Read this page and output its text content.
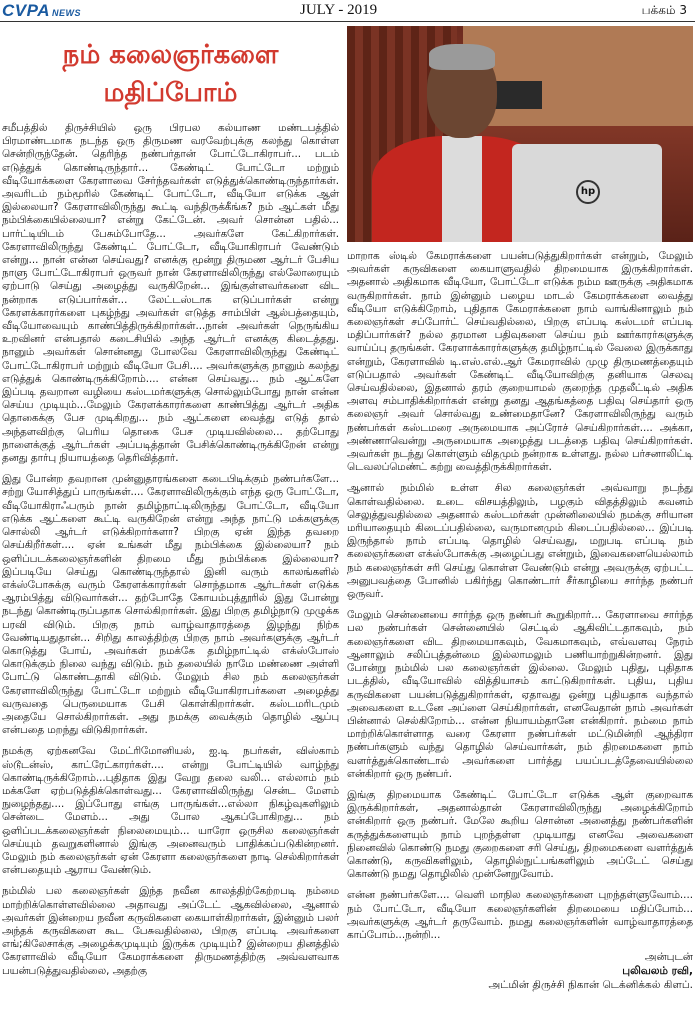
CVPA NEWS	JULY - 2019	பக்கம் 3
நம் கலைஞர்களை
மதிப்போம்

சமீபத்தில் திருச்சியில் ஒரு பிரபல கல்யாண மண்டபத்தில் பிரமாண்டமாக நடந்த ஒரு திருமண வரவேற்புக்கு கலந்து கொள்ள சென்றிருந்தேன். தெரிந்த நண்பர்தான் போட்டோகிராபர்... படம் எடுத்துக் கொண்டிருந்தார்... கேண்டிட் போட்டோ மற்றும் வீடியோக்களை கேரளாவை சேர்ந்தவர்கள் எடுத்துக்கொண்டிருந்தார்கள். அவரிடம் நம்மூரில் கேண்டிட் போட்டோ, வீடியோ எடுக்க ஆள் இல்லையா? கேரளாவிலிருந்து கூட்டி வந்திருக்கீங்க? நம் ஆட்கள் மீது நம்பிக்கையில்லையா? என்று கேட்டேன். அவர் சொன்ன பதில்... பார்ட்டியிடம் பேசும்போதே... அவர்களே கேட்கிறார்கள். கேரளாவிலிருந்து கேண்டிட் போட்டோ, வீடியோகிராபர் வேண்டும் என்று... நான் என்ன செய்வது? எனக்கு மூன்று திருமண ஆர்டர் பேசிய நாளு போட்டோகிராபர் ஒருவர் நான் கேரளாவிலிருந்து எல்லோரையும் ஏற்பாடு செய்து அழைத்து வருகிறேன்... இங்குள்ளவர்களை விட நன்றாக எடுப்பார்கள்... லேட்டஸ்டாக எடுப்பார்கள் என்று கேரளக்காரர்களை புகழ்ந்து அவர்கள் எடுத்த சாம்பிள் ஆல்பத்தையும், வீடியோவையும் காண்பித்திருக்கிறார்கள்...நான் அவர்கள் நெருங்கிய உறவினர் என்பதால் கடைசியில் அந்த ஆர்டர் எனக்கு கிடைத்தது. நானும் அவர்கள் சொன்னது போலவே கேரளாவிலிருந்து கேண்டிட் போட்டோகிராபர் மற்றும் வீடியோ பேசி.... அவர்களுக்கு நானும் கலந்து எடுத்துக் கொண்டிருக்கிறோம்.... என்ன செய்வது... நம் ஆட்களே இப்படி தவறான வழியை கஸ்டமர்களுக்கு சொல்லும்போது நான் என்ன செய்ய முடியும்...மேலும் கேரளக்காரர்களை காண்பித்து ஆர்டர் அதிக தொகைக்கு பேச முடிகிறது... நம் ஆட்களை வைத்து எடுத் தால் அந்தளவிற்கு பெரிய தொகை பேச முடியவில்லை... தற்போது நாளைக்குத் ஆர்டர்கள் அப்படித்தான் பேசிக்கொண்டிருக்கிறேன் என்று தனது தார்பு நியாயத்தை தெரிவித்தார்.

இது போன்ற தவறான முன்னுதாரங்களை கடைபிடிக்கும் நண்பர்களே... சற்று யோசித்துப் பாருங்கள்.... கேரளாவிலிருக்கும் எந்த ஒரு போட்டோ, வீடியோகிராஃபரும் நான் தமிழ்நாட்டிலிருந்து போட்டோ, வீடியோ எடுக்க ஆட்களை கூட்டி வருகிறேன் என்று அந்த நாட்டு மக்களுக்கு சொல்லி ஆர்டர் எடுக்கிறார்களா? பிறகு ஏன் இந்த தவறை செய்கிறீர்கள்.... ஏன் உங்கள் மீது நம்பிக்கை இல்லையா? நம் ஒளிப்படக்கலைஞர்களின் திறமை மீது நம்பிக்கை இல்லையா? இப்படியே செய்து கொண்டிருந்தால் இனி வரும் காலங்களில் எக்ஸ்போசுக்கு வரும் கேரளக்காரர்கள் சொந்தமாக ஆர்டர்கள் எடுக்க ஆரம்பித்து விடுவார்கள்... தற்போதே கோயம்புத்தூரில் இது போன்று நடந்து கொண்டிருப்பதாக சொல்கிறார்கள். இது பிறகு தமிழ்நாடு முழுக்க பரவி விடும். பிறகு நாம் வாழ்வாதாரத்தை இழந்து நிற்க வேண்டியதுதான்... சிறிது காலத்திற்கு பிறகு நாம் அவர்களுக்கு ஆர்டர் கொடுத்து போய், அவர்கள் நமக்கே தமிழ்நாட்டில் எக்ஸ்போஸ் கொடுக்கும் நிலை வந்து விடும். நம் தலையில் நாமே மண்ணை அள்ளி போட்டு கொண்டதாகி விடும். மேலும் சில நம் கலைஞர்கள் கேரளாவிலிருந்து போட்டோ மற்றும் வீடியோகிராபர்களை அழைத்து வருவதை பெருமையாக பேசி கொள்கிறார்கள். கஸ்டமரிடமும் அதையே சொல்கிறார்கள். அது நமக்கு வைக்கும் தொழில் ஆப்பு என்பதை மறந்து விடுகிறார்கள்.

நமக்கு ஏற்கனவே மேட்ரிமோனியல், ஐ.டி நபர்கள், விஸ்காம் ஸ்டூடன்ஸ், காட்ரேட்காரர்கள்.... என்று போட்டியில் வாழ்ந்து கொண்டிருக்கிறோம்...புதிதாக இது வேறு தலை வலி... எல்லாம் நம் மக்களே ஏற்படுத்திக்கொள்வது... கேரளாவிலிருந்து சென்ட மேளம் நுழைந்தது.... இப்போது எங்கு பாருங்கள்...எல்லா நிகழ்வுகளிலும் சென்டை மேளம்... அது போல ஆகப்போகிறது... நம் ஒளிப்படக்கலைஞர்கள் நிலைமையும்... யாரோ ஒருசில கலைஞர்கள் செய்யும் தவறுகளினால் இங்கு அனைவரும் பாதிக்கப்படுகின்றனர். மேலும் நம் கலைஞர்கள் ஏன் கேரளா கலைஞர்களை நாடி செல்கிறார்கள் என்பதையும் ஆராய வேண்டும்.

நம்மில் பல கலைஞர்கள் இந்த நவீன காலத்திற்கேற்றபடி நம்மை மாற்றிக்கொள்ளவில்லை அதாவது அப்டேட் ஆகவில்லை, ஆனால் அவர்கள் இன்றைய நவீன கருவிகளை கையாள்கிறார்கள், இன்னும் பலர் அந்தக் கருவிகளை கூட பேசுவதில்லை, பிறகு எப்படி அவர்களை எங்;கிலேசாக்கு அழைக்கமுடியும் இருக்க முடியும்? இன்றைய தினத்தில் கேரளாவில் வீடியோ கேமராக்களை திருமணத்திற்கு அவ்வளவாக பயன்படுத்துவதில்லை, அதற்கு

hp

மாறாக ஸ்டில் கேமராக்களை பயன்படுத்துகிறார்கள் என்றும், மேலும் அவர்கள் கருவிகளை கையாளுவதில் திறமையாக இருக்கிறார்கள். அதனால் அதிகமாக வீடியோ, போட்டோ எடுக்க நம்ம ஊருக்கு அதிகமாக வருகிறார்கள். நாம் இன்னும் பழைய மாடல் கேமராக்களை வைத்து வீடியோ எடுக்கிறோம், புதிதாக கேமராக்களை நாம் வாங்கினாலும் நம் கலைஞர்கள் சப்போர்ட் செய்வதில்லை, பிறகு எப்படி கஸ்டமர் எப்படி மதிப்பார்கள்? நல்ல தரமான பதிவுகளை செய்ய நம் ஊர்காரர்களுக்கு வாய்ப்பு தருங்கள். கேரளாக்காரர்களுக்கு தமிழ்நாட்டில் வேலை இருக்காது என்றும், கேரளாவில் டி.எஸ்.எல்.ஆர் கேமராவில் முழு திருமணத்தையும் எடுப்பதால் அவர்கள் கேண்டிட் வீடியோவிற்கு தனியாக செலவு செய்வதில்லை, இதனால் தரம் குறையாமல் குறைந்த முதலீட்டில் அதிக அளவு சம்பாதிக்கிறார்கள் என்று தனது ஆதங்கத்தை பதிவு செய்தார் ஒரு கலைஞர் அவர் சொல்வது உண்மைதானே? கேரளாவிலிருந்து வரும் நண்பர்கள் கஸ்டமரை அருமையாக அப்ரோச் செய்கிறார்கள்.... அக்கா, அண்ணாவென்று அருமையாக அழைத்து படத்தை பதிவு செய்கிறார்கள். அவர்கள் நடந்து கொள்ளும் விதமும் நன்றாக உள்ளது. நல்ல பர்சனாலிட்டி டெவலப்மெண்ட் கற்று வைத்திருக்கிறார்கள்.

ஆனால் நம்மில் உள்ள சில கலைஞர்கள் அவ்வாறு நடந்து கொள்வதில்லை. உடை விசயத்திலும், பழகும் விதத்திலும் கவனம் செலுத்துவதில்லை அதனால் கஸ்டமர்கள் முன்னிலையில் நமக்கு சரியான மரியாதையும் கிடைப்பதில்லை, வருமானமும் கிடைப்பதில்லை... இப்படி இருந்தால் நாம் எப்படி தொழில் செய்வது, மறுபடி எப்படி நம் கலைஞர்களை எக்ஸ்போசுக்கு அழைப்பது என்றும், இவைகளையெல்லாம் நம் கலைஞர்கள் சரி செய்து கொள்ள வேண்டும் என்று அவருக்கு ஏற்பட்ட அனுபவத்தை போனில் பகிர்ந்து கொண்டார் சீர்காழியை சார்ந்த நண்பர் ஒருவர்.

மேலும் சென்னையை சார்ந்த ஒரு நண்பர் கூறுகிறார்... கேரளாவை சார்ந்த பல நண்பர்கள் சென்னையில் செட்டில் ஆகிவிட்டதாகவும், நம் கலைஞர்களை விட திறமையாகவும், வேகமாகவும், எவ்வளவு நேரம் ஆனாலும் சலிப்புத்தன்மை இல்லாமலும் பணியாற்றுகின்றனர். இது போன்று நம்மில் பல கலைஞர்கள் இல்லை. மேலும் புதிது, புதிதாக படத்தில், வீடியோவில் வித்தியாசம் காட்டுகிறார்கள். புதிய, புதிய கருவிகளை பயன்படுத்துகிறார்கள், ஏதாவது ஒன்று புதியதாக வந்தால் அவைகளை உடனே அப்ளை செய்கிறார்கள், எனவேதான் நாம் அவர்கள் பின்னால் செல்கிறோம்... என்ன நியாயம்தானே என்கிறார். நம்மை நாம் மாற்றிக்கொள்ளாத வரை கேரளா நண்பர்கள் மட்டுமின்றி ஆந்திரா நண்பர்களும் வந்து தொழில் செய்வார்கள், நம் திறமைகளை நாம் வளர்த்துக்கொண்டால் அவர்களை பார்த்து பயப்படத்தேவையில்லை என்கிறார் ஒரு நண்பர்.

இங்கு திறமையாக கேண்டிட் போட்டோ எடுக்க ஆள் குறைவாக இருக்கிறார்கள், அதனால்தான் கேரளாவிலிருந்து அழைக்கிறோம் என்கிறார் ஒரு நண்பர். மேலே கூறிய சொன்ன அனைத்து நண்பர்களின் கருத்துக்களையும் நாம் புறந்தள்ள முடியாது எனவே அவைகளை நினைவில் கொண்டு நமது குறைகளை சரி செய்து, திறமைகளை வளர்த்துக் கொண்டு, கருவிகளிலும், தொழில்நுட்பங்களிலும் அப்டேட் செய்து கொண்டு நமது தொழிலில் முன்னேறுவோம்.

என்ன நண்பர்களே.... வெளி மாநில கலைஞர்களை புறந்தள்ளுவோம்.... நம் போட்டோ, வீடியோ கலைஞர்களின் திறமையை மதிப்போம்... அவர்களுக்கு ஆர்டர் தருவோம். நமது கலைஞர்களின் வாழ்வாதாரத்தை காப்போம்...நன்றி...

அன்புடன்
புலிவலம் ரவி,
அட்மின் திருச்சி நிகான் டெக்னிக்கல் கிளப்.
